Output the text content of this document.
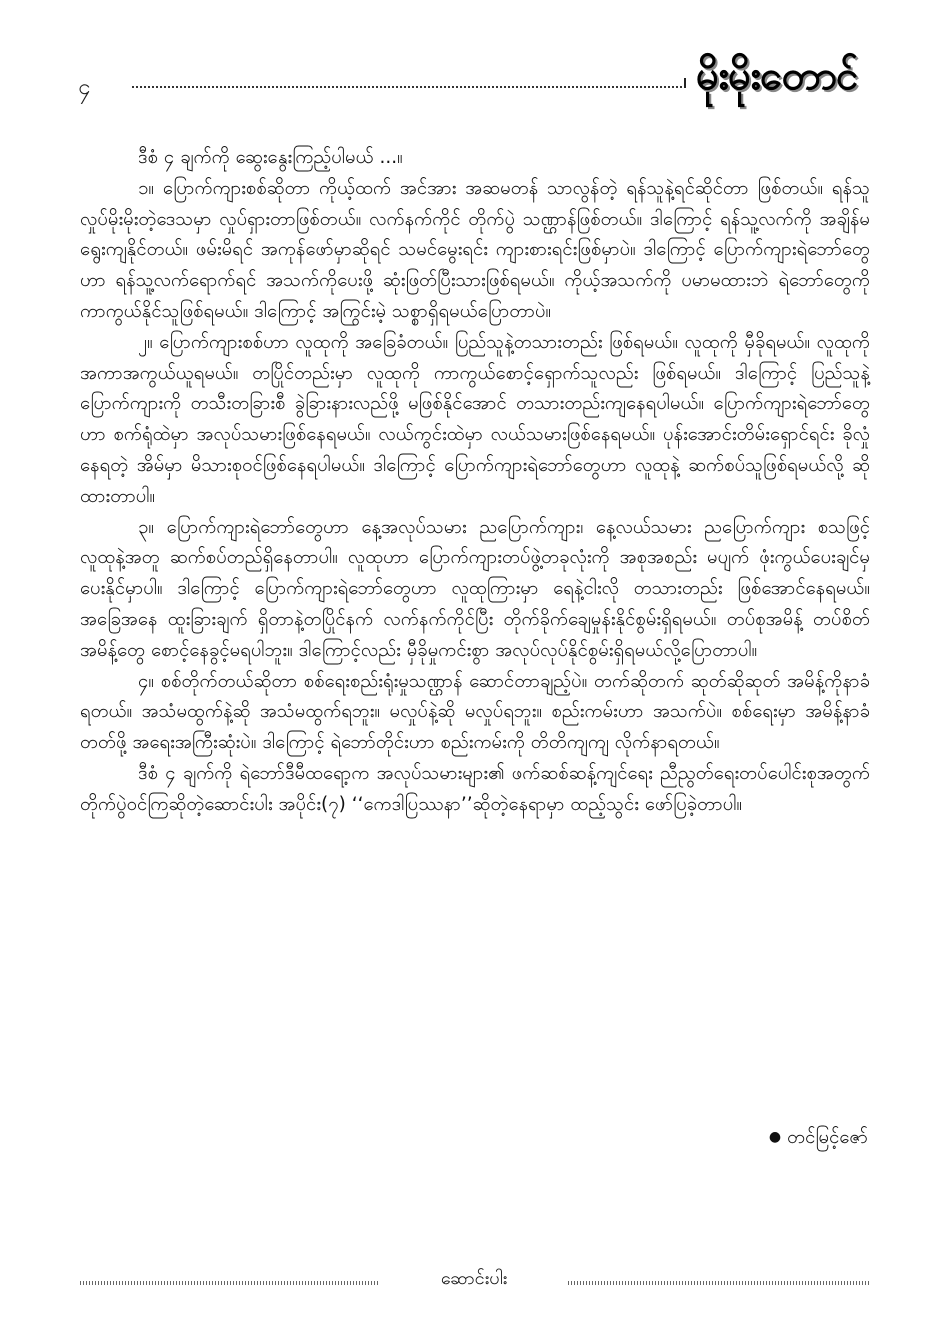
၄	မိုးမိုးတောင်

ဒီစံ ၄ ချက်ကို ဆွေးနွေးကြည့်ပါမယ် ...။

၁။ ပြောက်ကျားစစ်ဆိုတာ ကိုယ့်ထက် အင်အား အဆမတန် သာလွန်တဲ့ ရန်သူနဲ့ရင်ဆိုင်တာ ဖြစ်တယ်။ ရန်သူလှုပ်မိုးမိုးတဲ့ဒေသမှာ လှုပ်ရှားတာဖြစ်တယ်။ လက်နက်ကိုင် တိုက်ပွဲ သဏ္ဌာန်ဖြစ်တယ်။ ဒါကြောင့် ရန်သူ့လက်ကို အချိန်မရွေးကျနိုင်တယ်။ ဖမ်းမိရင် အကုန်ဖော်မှာဆိုရင် သမင်မွေးရင်း ကျားစားရင်းဖြစ်မှာပဲ။ ဒါကြောင့် ပြောက်ကျားရဲဘော်တွေဟာ ရန်သူ့လက်ရောက်ရင် အသက်ကိုပေးဖို့ ဆုံးဖြတ်ပြီးသားဖြစ်ရမယ်။ ကိုယ့်အသက်ကို ပမာမထားဘဲ ရဲဘော်တွေကို ကာကွယ်နိုင်သူဖြစ်ရမယ်။ ဒါကြောင့် အကြွင်းမဲ့ သစ္စာရှိရမယ်ပြောတာပဲ။

၂။ ပြောက်ကျားစစ်ဟာ လူထုကို အခြေခံတယ်။ ပြည်သူနဲ့တသားတည်း ဖြစ်ရမယ်။ လူထုကို မှီခိုရမယ်။ လူထုကို အကာအကွယ်ယူရမယ်။ တပြိုင်တည်းမှာ လူထုကို ကာကွယ်စောင့်ရှောက်သူလည်း ဖြစ်ရမယ်။ ဒါကြောင့် ပြည်သူနဲ့ ပြောက်ကျားကို တသီးတခြားစီ ခွဲခြားနားလည်ဖို့ မဖြစ်နိုင်အောင် တသားတည်းကျနေရပါမယ်။ ပြောက်ကျားရဲဘော်တွေဟာ စက်ရုံထဲမှာ အလုပ်သမားဖြစ်နေရမယ်။ လယ်ကွင်းထဲမှာ လယ်သမားဖြစ်နေရမယ်။ ပုန်းအောင်းတိမ်းရှောင်ရင်း ခိုလှုံနေရတဲ့ အိမ်မှာ မိသားစုဝင်ဖြစ်နေရပါမယ်။ ဒါကြောင့် ပြောက်ကျားရဲဘော်တွေဟာ လူထုနဲ့ ဆက်စပ်သူဖြစ်ရမယ်လို့ ဆိုထားတာပါ။

၃။ ပြောက်ကျားရဲဘော်တွေဟာ နေ့အလုပ်သမား ညပြောက်ကျား၊ နေ့လယ်သမား ညပြောက်ကျား စသဖြင့် လူထုနဲ့အတူ ဆက်စပ်တည်ရှိနေတာပါ။ လူထုဟာ ပြောက်ကျားတပ်ဖွဲ့တခုလုံးကို အစုအစည်း မပျက် ဖုံးကွယ်ပေးချင်မှ ပေးနိုင်မှာပါ။ ဒါကြောင့် ပြောက်ကျားရဲဘော်တွေဟာ လူထုကြားမှာ ရေနဲ့ငါးလို တသားတည်း ဖြစ်အောင်နေရမယ်။ အခြေအနေ ထူးခြားချက် ရှိတာနဲ့တပြိုင်နက် လက်နက်ကိုင်ပြီး တိုက်ခိုက်ချေမှုန်းနိုင်စွမ်းရှိရမယ်။ တပ်စုအမိန့် တပ်စိတ်အမိန့်တွေ စောင့်နေခွင့်မရပါဘူး။ ဒါကြောင့်လည်း မှီခိုမှုကင်းစွာ အလုပ်လုပ်နိုင်စွမ်းရှိရမယ်လို့ပြောတာပါ။

၄။ စစ်တိုက်တယ်ဆိုတာ စစ်ရေးစည်းရုံးမှုသဏ္ဌာန် ဆောင်တာချည့်ပဲ။ တက်ဆိုတက် ဆုတ်ဆိုဆုတ် အမိန့်ကိုနာခံရတယ်။ အသံမထွက်နဲ့ဆို အသံမထွက်ရဘူး။ မလှုပ်နဲ့ဆို မလှုပ်ရဘူး။ စည်းကမ်းဟာ အသက်ပဲ။ စစ်ရေးမှာ အမိန့်နာခံတတ်ဖို့ အရေးအကြီးဆုံးပဲ။ ဒါကြောင့် ရဲဘော်တိုင်းဟာ စည်းကမ်းကို တိတိကျကျ လိုက်နာရတယ်။

ဒီစံ ၄ ချက်ကို ရဲဘော်ဒီမီထရော့က အလုပ်သမားများ၏ ဖက်ဆစ်ဆန့်ကျင်ရေး ညီညွတ်ရေးတပ်ပေါင်းစုအတွက် တိုက်ပွဲဝင်ကြဆိုတဲ့ဆောင်းပါး အပိုင်း(၇) ‘‘ကေဒါပြဿနာ’’ဆိုတဲ့နေရာမှာ ထည့်သွင်း ဖော်ပြခဲ့တာပါ။

● တင်မြင့်ဇော်
ဆောင်းပါး
